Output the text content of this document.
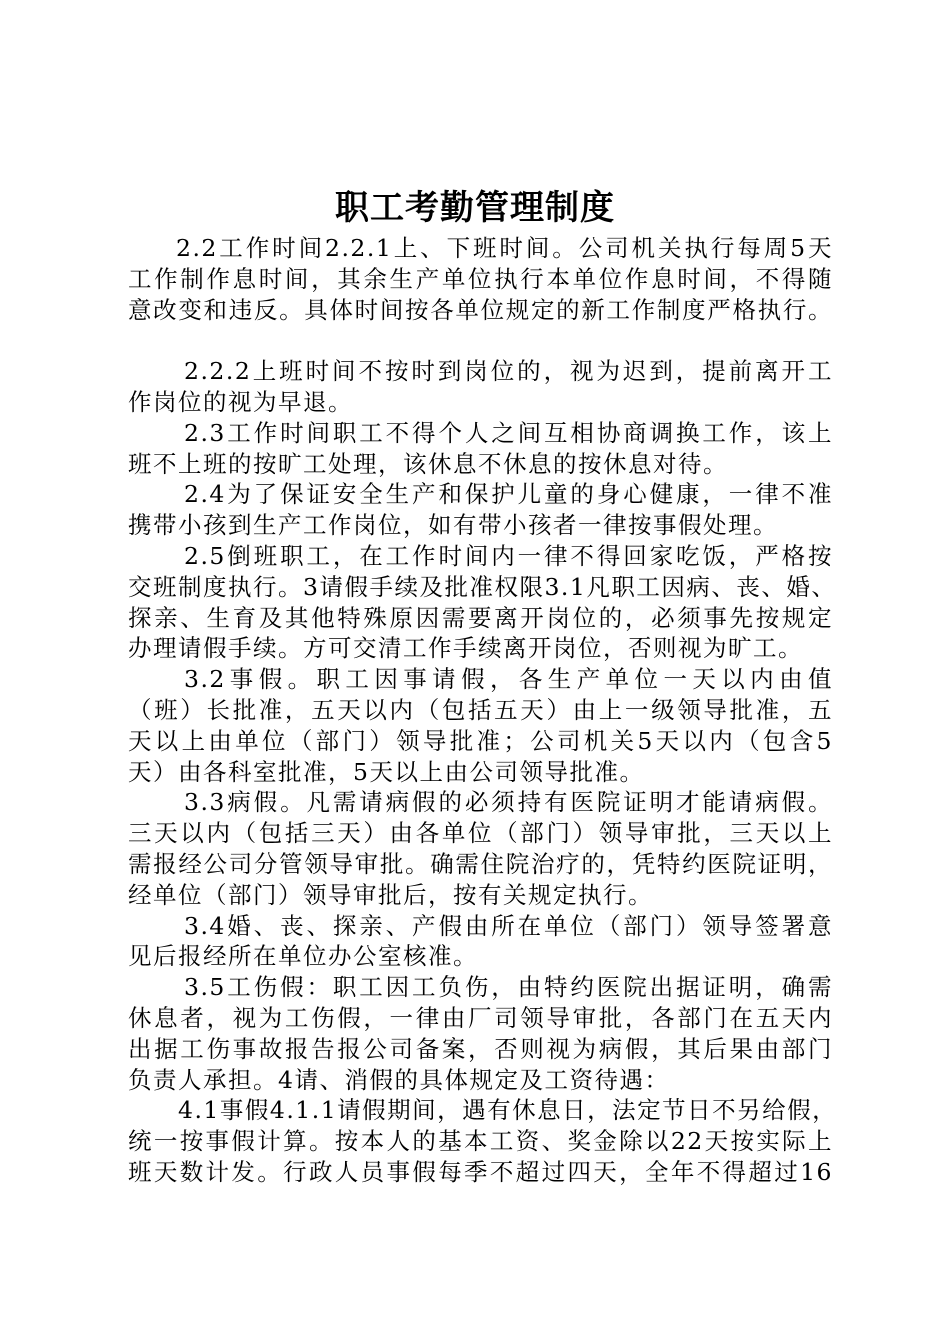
职工考勤管理制度
2.2工作时间2.2.1上、下班时间。公司机关执行每周5天
工作制作息时间，其余生产单位执行本单位作息时间，不得随
意改变和违反。具体时间按各单位规定的新工作制度严格执行。
2.2.2上班时间不按时到岗位的，视为迟到，提前离开工
作岗位的视为早退。
2.3工作时间职工不得个人之间互相协商调换工作，该上
班不上班的按旷工处理，该休息不休息的按休息对待。
2.4为了保证安全生产和保护儿童的身心健康，一律不准
携带小孩到生产工作岗位，如有带小孩者一律按事假处理。
2.5倒班职工，在工作时间内一律不得回家吃饭，严格按
交班制度执行。3请假手续及批准权限3.1凡职工因病、丧、婚、
探亲、生育及其他特殊原因需要离开岗位的，必须事先按规定
办理请假手续。方可交清工作手续离开岗位，否则视为旷工。
3.2事假。职工因事请假，各生产单位一天以内由值
（班）长批准，五天以内（包括五天）由上一级领导批准，五
天以上由单位（部门）领导批准；公司机关5天以内（包含5
天）由各科室批准，5天以上由公司领导批准。
3.3病假。凡需请病假的必须持有医院证明才能请病假。
三天以内（包括三天）由各单位（部门）领导审批，三天以上
需报经公司分管领导审批。确需住院治疗的，凭特约医院证明，
经单位（部门）领导审批后，按有关规定执行。
3.4婚、丧、探亲、产假由所在单位（部门）领导签署意
见后报经所在单位办公室核准。
3.5工伤假：职工因工负伤，由特约医院出据证明，确需
休息者，视为工伤假，一律由厂司领导审批，各部门在五天内
出据工伤事故报告报公司备案，否则视为病假，其后果由部门
负责人承担。4请、消假的具体规定及工资待遇：
4.1事假4.1.1请假期间，遇有休息日，法定节日不另给假，
统一按事假计算。按本人的基本工资、奖金除以22天按实际上
班天数计发。行政人员事假每季不超过四天，全年不得超过16
